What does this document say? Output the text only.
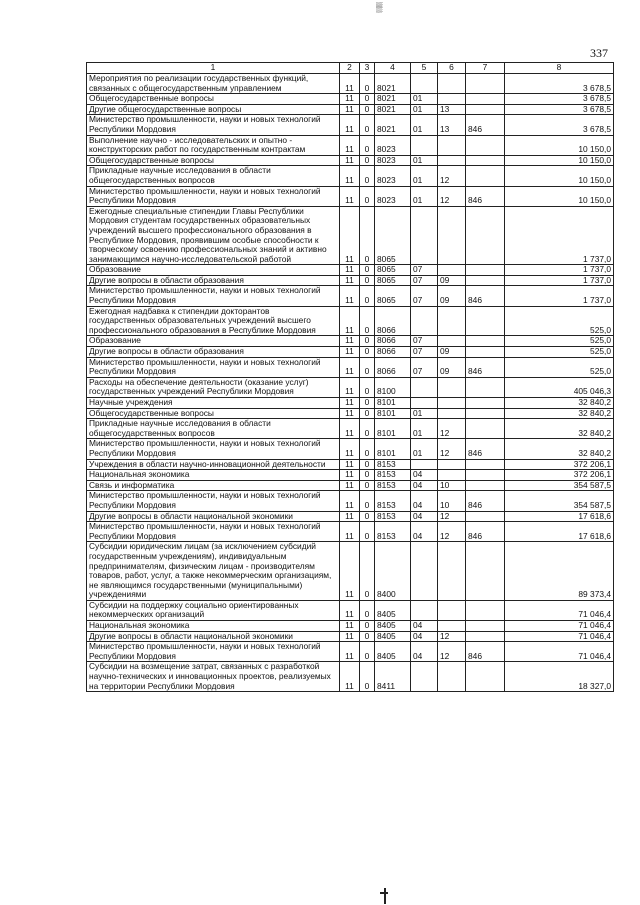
▒
337
1	2	3	4	5	6	7	8
Мероприятия по реализации государственных функций, связанных с общегосударственным управлением	11	0	8021				3 678,5
Общегосударственные вопросы	11	0	8021	01			3 678,5
Другие общегосударственные вопросы	11	0	8021	01	13		3 678,5
Министерство промышленности, науки и новых технологий Республики Мордовия	11	0	8021	01	13	846	3 678,5
Выполнение научно - исследовательских и опытно - конструкторских работ по государственным контрактам	11	0	8023				10 150,0
Общегосударственные вопросы	11	0	8023	01			10 150,0
Прикладные научные исследования в области общегосударственных вопросов	11	0	8023	01	12		10 150,0
Министерство промышленности, науки и новых технологий Республики Мордовия	11	0	8023	01	12	846	10 150,0
Ежегодные специальные стипендии Главы Республики Мордовия студентам государственных образовательных учреждений высшего профессионального образования в Республике Мордовия, проявившим особые способности к творческому освоению профессиональных знаний и активно занимающимся научно-исследовательской работой	11	0	8065				1 737,0
Образование	11	0	8065	07			1 737,0
Другие вопросы в области образования	11	0	8065	07	09		1 737,0
Министерство промышленности, науки и новых технологий Республики Мордовия	11	0	8065	07	09	846	1 737,0
Ежегодная надбавка к стипендии докторантов государственных образовательных учреждений высшего профессионального образования в Республике Мордовия	11	0	8066				525,0
Образование	11	0	8066	07			525,0
Другие вопросы в области образования	11	0	8066	07	09		525,0
Министерство промышленности, науки и новых технологий Республики Мордовия	11	0	8066	07	09	846	525,0
Расходы на обеспечение деятельности (оказание услуг) государственных учреждений Республики Мордовия	11	0	8100				405 046,3
Научные учреждения	11	0	8101				32 840,2
Общегосударственные вопросы	11	0	8101	01			32 840,2
Прикладные научные исследования в области общегосударственных вопросов	11	0	8101	01	12		32 840,2
Министерство промышленности, науки и новых технологий Республики Мордовия	11	0	8101	01	12	846	32 840,2
Учреждения в области научно-инновационной деятельности	11	0	8153				372 206,1
Национальная экономика	11	0	8153	04			372 206,1
Связь и информатика	11	0	8153	04	10		354 587,5
Министерство промышленности, науки и новых технологий Республики Мордовия	11	0	8153	04	10	846	354 587,5
Другие вопросы в области национальной экономики	11	0	8153	04	12		17 618,6
Министерство промышленности, науки и новых технологий Республики Мордовия	11	0	8153	04	12	846	17 618,6
Субсидии юридическим лицам (за исключением субсидий государственным учреждениям), индивидуальным предпринимателям, физическим лицам - производителям товаров, работ, услуг, а также некоммерческим организациям, не являющимся государственными (муниципальными) учреждениями	11	0	8400				89 373,4
Субсидии на поддержку социально ориентированных некоммерческих организаций	11	0	8405				71 046,4
Национальная экономика	11	0	8405	04			71 046,4
Другие вопросы в области национальной экономики	11	0	8405	04	12		71 046,4
Министерство промышленности, науки и новых технологий Республики Мордовия	11	0	8405	04	12	846	71 046,4
Субсидии на возмещение затрат, связанных с разработкой научно-технических и инновационных проектов, реализуемых на территории Республики Мордовия	11	0	8411				18 327,0
